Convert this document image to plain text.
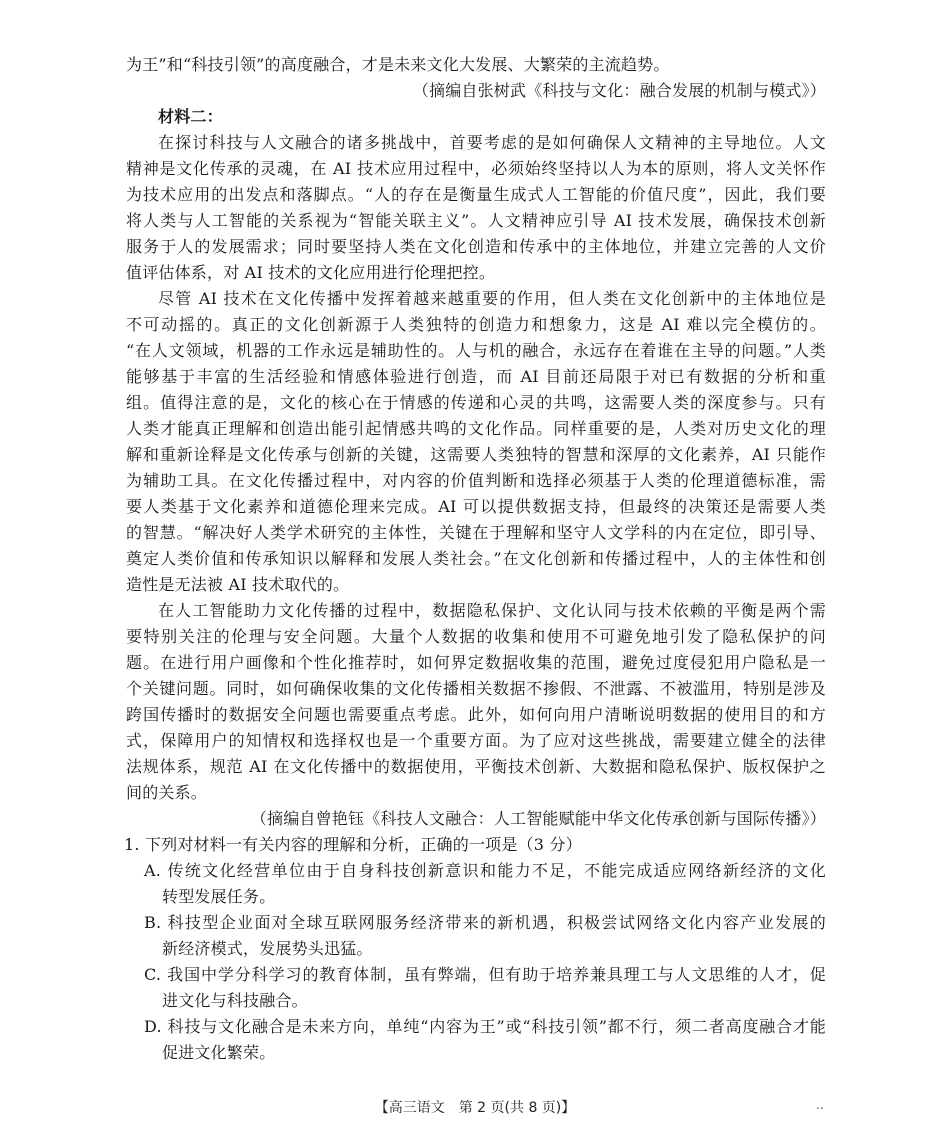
为王”和“科技引领”的高度融合，才是未来文化大发展、大繁荣的主流趋势。
（摘编自张树武《科技与文化：融合发展的机制与模式》）
材料二：
在探讨科技与人文融合的诸多挑战中，首要考虑的是如何确保人文精神的主导地位。人文
精神是文化传承的灵魂，在 AI 技术应用过程中，必须始终坚持以人为本的原则，将人文关怀作
为技术应用的出发点和落脚点。“人的存在是衡量生成式人工智能的价值尺度”，因此，我们要
将人类与人工智能的关系视为“智能关联主义”。人文精神应引导 AI 技术发展，确保技术创新
服务于人的发展需求；同时要坚持人类在文化创造和传承中的主体地位，并建立完善的人文价
值评估体系，对 AI 技术的文化应用进行伦理把控。
尽管 AI 技术在文化传播中发挥着越来越重要的作用，但人类在文化创新中的主体地位是
不可动摇的。真正的文化创新源于人类独特的创造力和想象力，这是 AI 难以完全模仿的。
“在人文领域，机器的工作永远是辅助性的。人与机的融合，永远存在着谁在主导的问题。”人类
能够基于丰富的生活经验和情感体验进行创造，而 AI 目前还局限于对已有数据的分析和重
组。值得注意的是，文化的核心在于情感的传递和心灵的共鸣，这需要人类的深度参与。只有
人类才能真正理解和创造出能引起情感共鸣的文化作品。同样重要的是，人类对历史文化的理
解和重新诠释是文化传承与创新的关键，这需要人类独特的智慧和深厚的文化素养，AI 只能作
为辅助工具。在文化传播过程中，对内容的价值判断和选择必须基于人类的伦理道德标准，需
要人类基于文化素养和道德伦理来完成。AI 可以提供数据支持，但最终的决策还是需要人类
的智慧。“解决好人类学术研究的主体性，关键在于理解和坚守人文学科的内在定位，即引导、
奠定人类价值和传承知识以解释和发展人类社会。”在文化创新和传播过程中，人的主体性和创
造性是无法被 AI 技术取代的。
在人工智能助力文化传播的过程中，数据隐私保护、文化认同与技术依赖的平衡是两个需
要特别关注的伦理与安全问题。大量个人数据的收集和使用不可避免地引发了隐私保护的问
题。在进行用户画像和个性化推荐时，如何界定数据收集的范围，避免过度侵犯用户隐私是一
个关键问题。同时，如何确保收集的文化传播相关数据不掺假、不泄露、不被滥用，特别是涉及
跨国传播时的数据安全问题也需要重点考虑。此外，如何向用户清晰说明数据的使用目的和方
式，保障用户的知情权和选择权也是一个重要方面。为了应对这些挑战，需要建立健全的法律
法规体系，规范 AI 在文化传播中的数据使用，平衡技术创新、大数据和隐私保护、版权保护之
间的关系。
（摘编自曾艳钰《科技人文融合：人工智能赋能中华文化传承创新与国际传播》）
1. 下列对材料一有关内容的理解和分析，正确的一项是（3 分）
A. 传统文化经营单位由于自身科技创新意识和能力不足，不能完成适应网络新经济的文化
转型发展任务。
B. 科技型企业面对全球互联网服务经济带来的新机遇，积极尝试网络文化内容产业发展的
新经济模式，发展势头迅猛。
C. 我国中学分科学习的教育体制，虽有弊端，但有助于培养兼具理工与人文思维的人才，促
进文化与科技融合。
D. 科技与文化融合是未来方向，单纯“内容为王”或“科技引领”都不行，须二者高度融合才能
促进文化繁荣。
【高三语文　第 2 页(共 8 页)】	..
